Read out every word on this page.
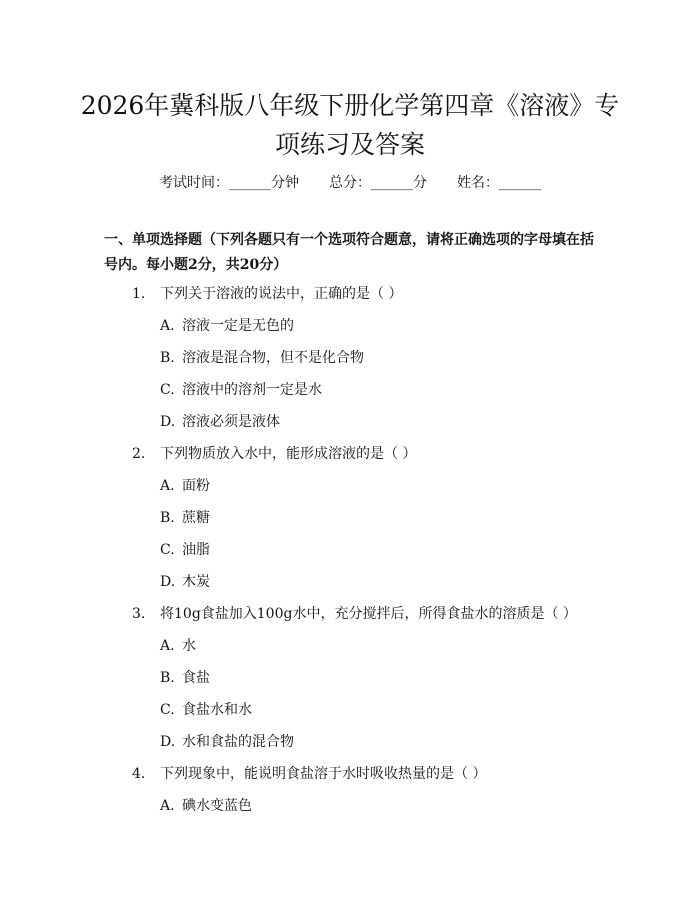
2026年冀科版八年级下册化学第四章《溶液》专项练习及答案
考试时间：______分钟 总分：______分 姓名：______
一、单项选择题（下列各题只有一个选项符合题意，请将正确选项的字母填在括号内。每小题2分，共20分）
1. 下列关于溶液的说法中，正确的是（ ）
A. 溶液一定是无色的
B. 溶液是混合物，但不是化合物
C. 溶液中的溶剂一定是水
D. 溶液必须是液体
2. 下列物质放入水中，能形成溶液的是（ ）
A. 面粉
B. 蔗糖
C. 油脂
D. 木炭
3. 将10g食盐加入100g水中，充分搅拌后，所得食盐水的溶质是（ ）
A. 水
B. 食盐
C. 食盐水和水
D. 水和食盐的混合物
4. 下列现象中，能说明食盐溶于水时吸收热量的是（ ）
A. 碘水变蓝色
